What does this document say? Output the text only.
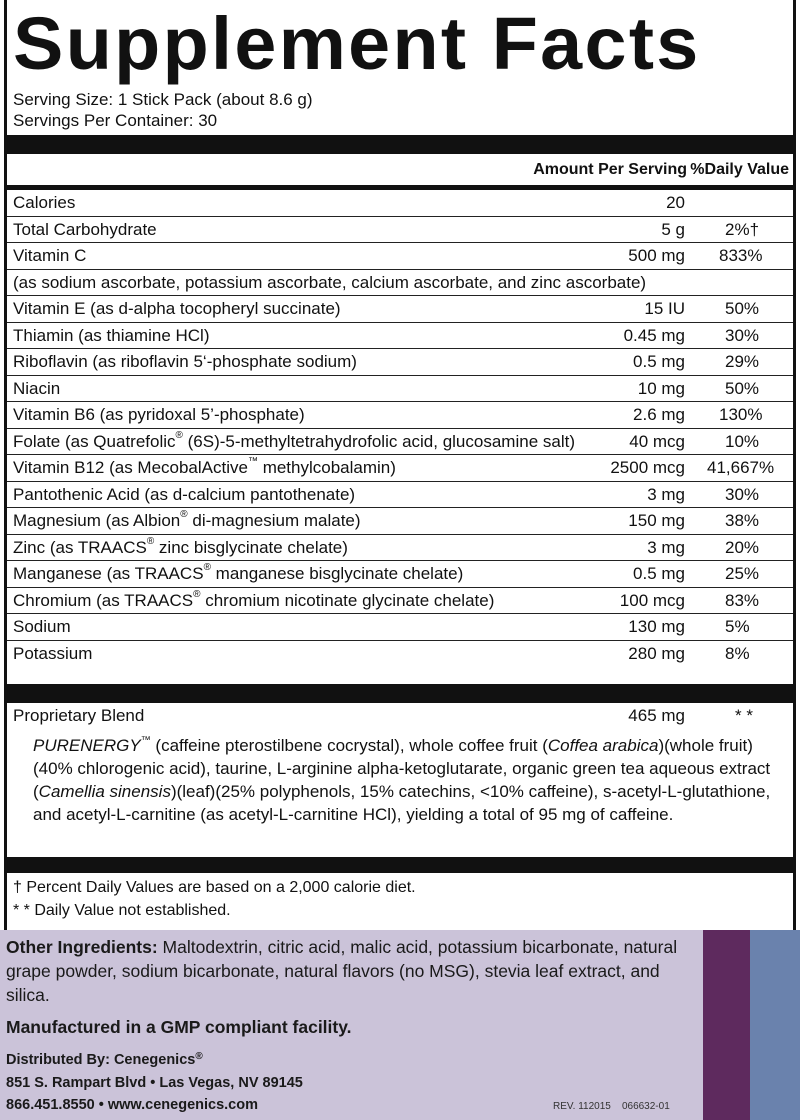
Supplement Facts
Serving Size: 1 Stick Pack (about 8.6 g)
Servings Per Container: 30
Amount Per Serving %Daily Value
Calories	20
Total Carbohydrate	5 g 2%†
Vitamin C	500 mg 833%
(as sodium ascorbate, potassium ascorbate, calcium ascorbate, and zinc ascorbate)
Vitamin E (as d-alpha tocopheryl succinate)	15 IU 50%
Thiamin (as thiamine HCl)	0.45 mg 30%
Riboflavin (as riboflavin 5‘-phosphate sodium)	0.5 mg 29%
Niacin	10 mg 50%
Vitamin B6 (as pyridoxal 5’-phosphate)	2.6 mg 130%
Folate (as Quatrefolic® (6S)-5-methyltetrahydrofolic acid, glucosamine salt)	40 mcg 10%
Vitamin B12 (as MecobalActive™ methylcobalamin)	2500 mcg 41,667%
Pantothenic Acid (as d-calcium pantothenate)	3 mg 30%
Magnesium (as Albion® di-magnesium malate)	150 mg 38%
Zinc (as TRAACS® zinc bisglycinate chelate)	3 mg 20%
Manganese (as TRAACS® manganese bisglycinate chelate)	0.5 mg 25%
Chromium (as TRAACS® chromium nicotinate glycinate chelate)	100 mcg 83%
Sodium	130 mg 5%
Potassium	280 mg 8%
Proprietary Blend	465 mg	* *
PURENERGY™ (caffeine pterostilbene cocrystal), whole coffee fruit (Coffea arabica)(whole fruit)(40% chlorogenic acid), taurine, L-arginine alpha-ketoglutarate, organic green tea aqueous extract (Camellia sinensis)(leaf)(25% polyphenols, 15% catechins, <10% caffeine), s-acetyl-L-glutathione, and acetyl-L-carnitine (as acetyl-L-carnitine HCl), yielding a total of 95 mg of caffeine.
† Percent Daily Values are based on a 2,000 calorie diet.
* * Daily Value not established.
Other Ingredients: Maltodextrin, citric acid, malic acid, potassium bicarbonate, natural grape powder, sodium bicarbonate, natural flavors (no MSG), stevia leaf extract, and silica.
Manufactured in a GMP compliant facility.
Distributed By: Cenegenics®
851 S. Rampart Blvd • Las Vegas, NV 89145
866.451.8550 • www.cenegenics.com	REV. 112015    066632-01
